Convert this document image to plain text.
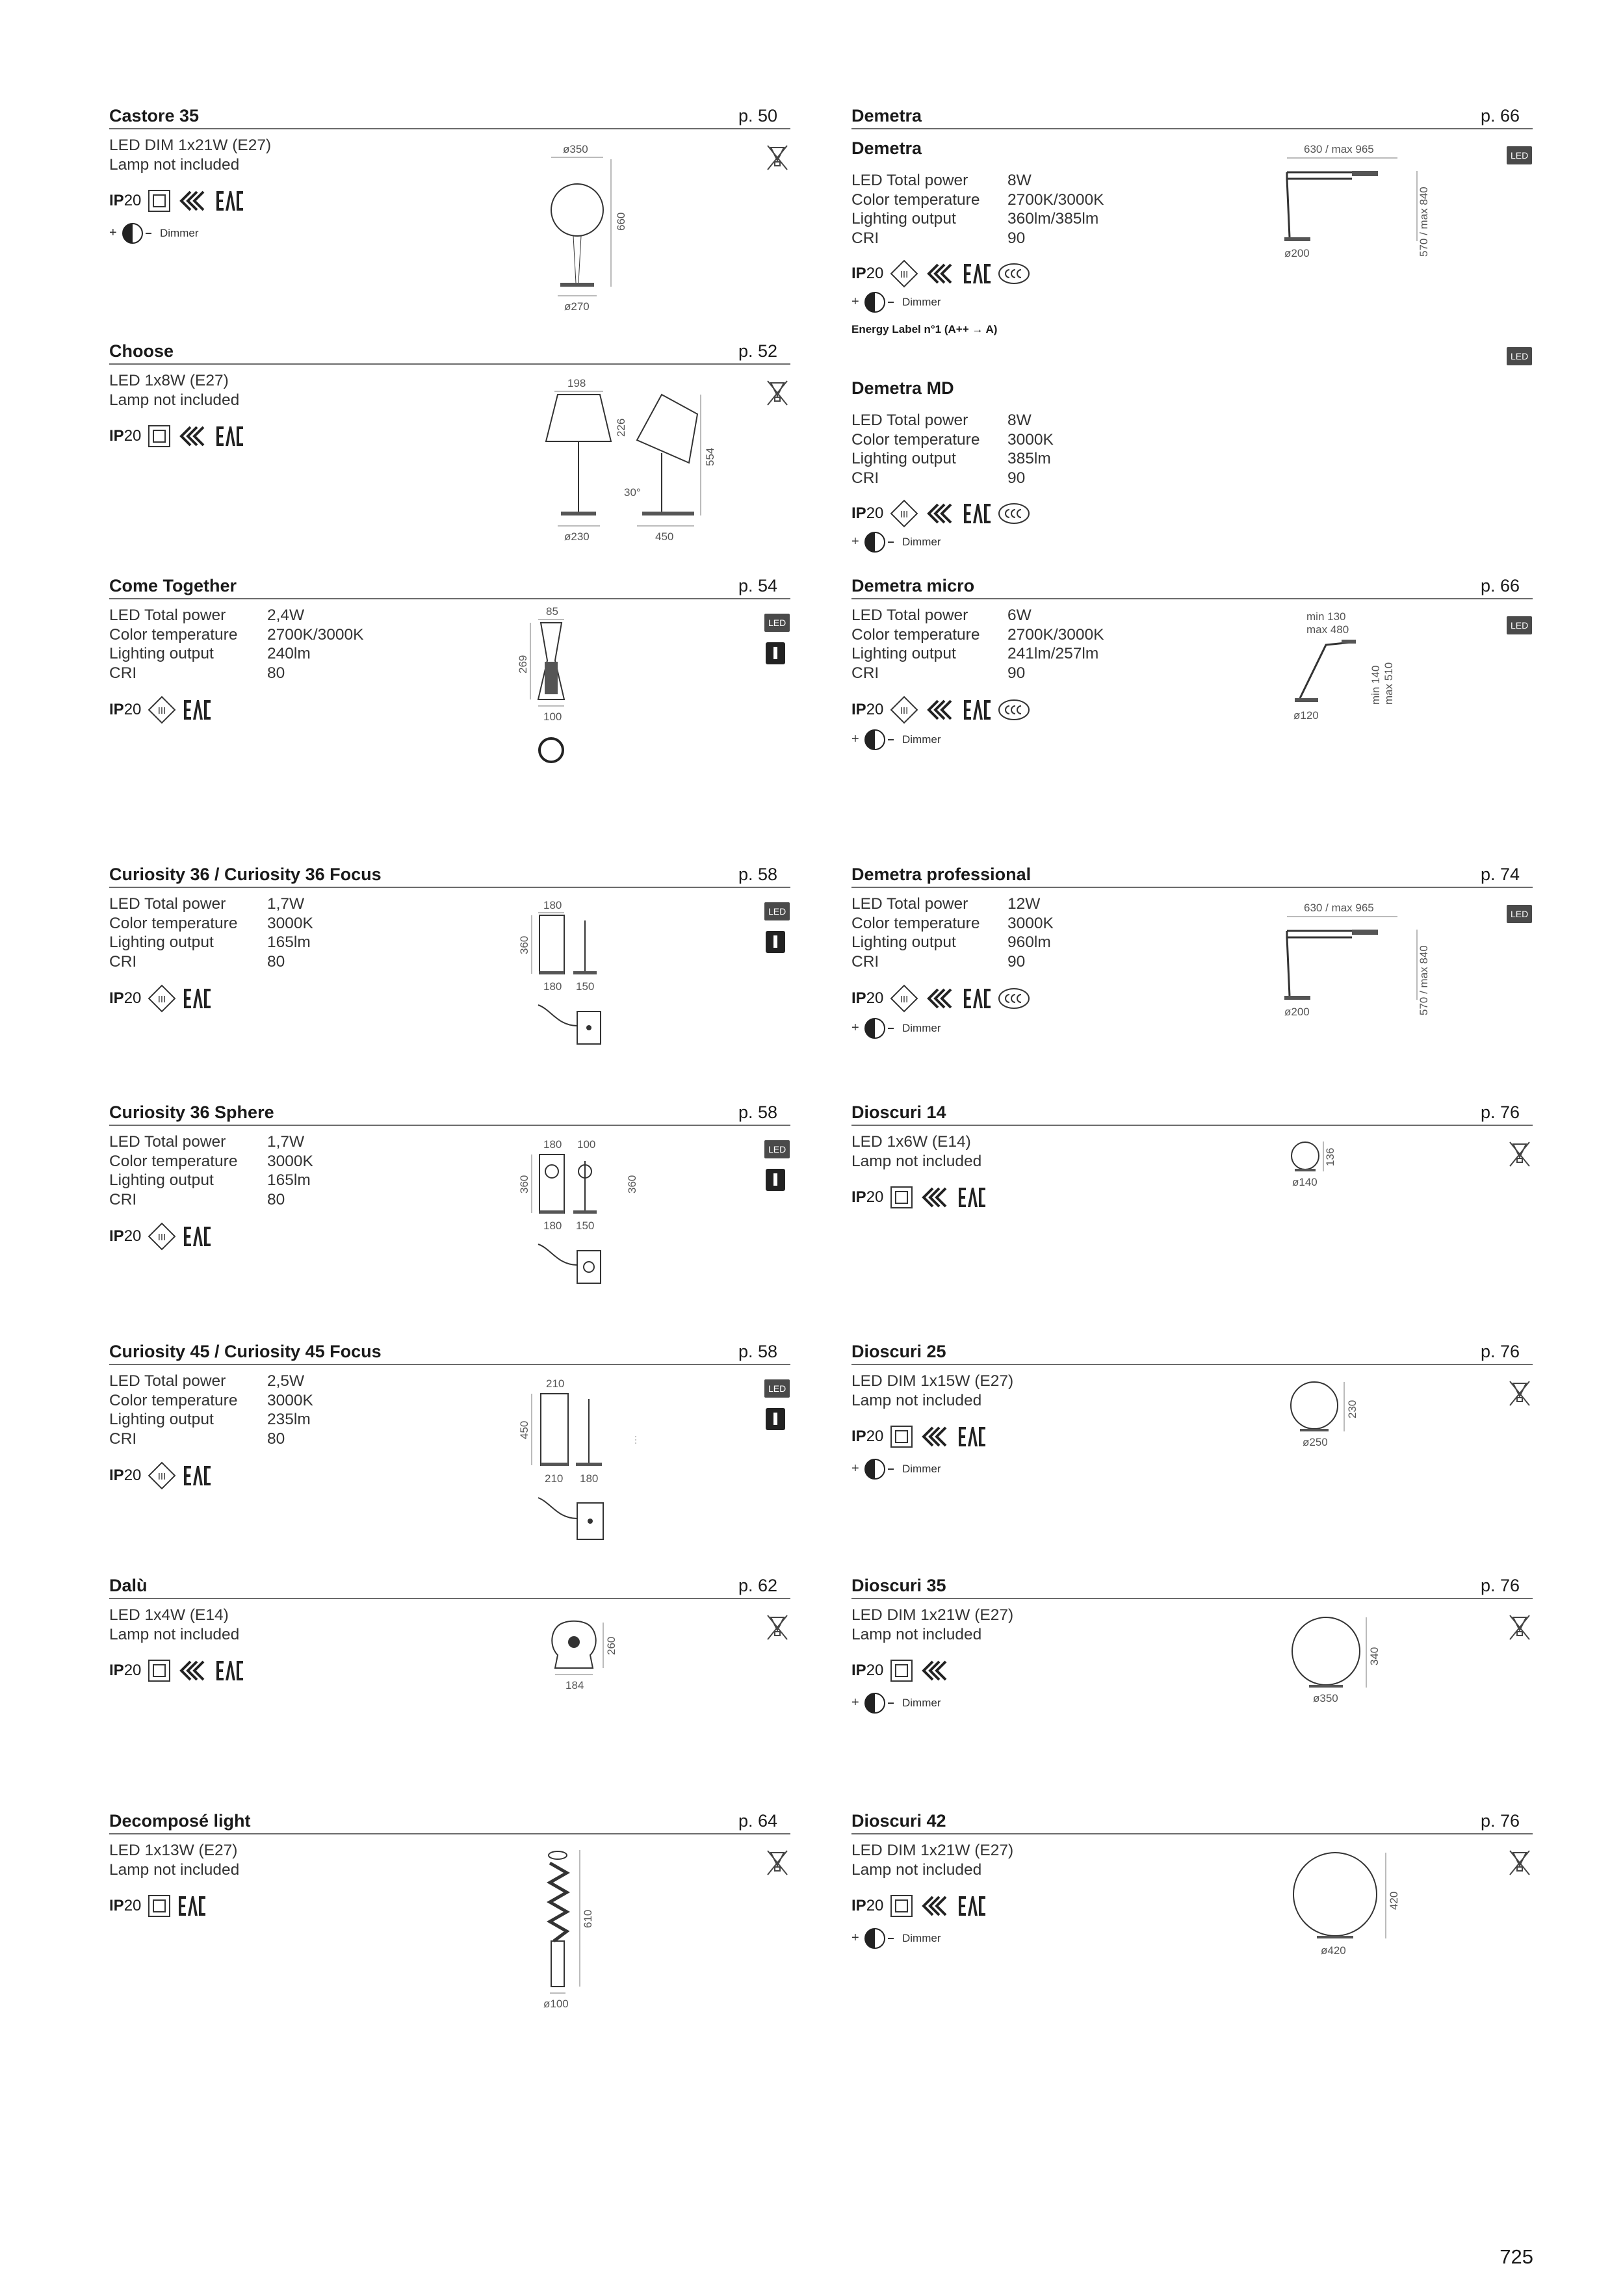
Castore 35	p. 50
LED DIM 1x21W (E27)
Lamp not included
IP 20
Dimmer
ø350
660
ø270
Choose	p. 52
LED 1x8W (E27)
Lamp not included
IP 20
198
ø230
226
30°
554
450
Come Together	p. 54
LED Total power	2,4W
Color temperature 2700K/3000K
Lighting output	240lm
CRI	80
IP 20
LED
85
269
100
Curiosity 36 / Curiosity 36 Focus	p. 58
LED Total power	1,7W
Color temperature 3000K
Lighting output	165lm
CRI	80
IP 20
LED
180
360
180 150
Curiosity 36 Sphere	p. 58
LED Total power	1,7W
Color temperature 3000K
Lighting output	165lm
CRI	80
IP 20
LED
180 100
360	360
180 150
Curiosity 45 / Curiosity 45 Focus	p. 58
LED Total power	2,5W
Color temperature 3000K
Lighting output	235lm
CRI	80
IP 20
LED
210
450
210 180
Dalù	p. 62
LED 1x4W (E14)
Lamp not included
IP 20
260
184
Decomposé light	p. 64
LED 1x13W (E27)
Lamp not included
IP 20
610
ø100
Demetra	p. 66
Demetra
LED Total power 8W
Color temperature 2700K/3000K
Lighting output	360lm/385lm
CRI	90
IP 20
Dimmer
Energy Label n°1 (A++ → A)
LED
630 / max 965
570 / max 840
ø200
Demetra MD
LED Total power 8W
Color temperature 3000K
Lighting output	385lm
CRI	90
IP 20
Dimmer
LED
Demetra micro	p. 66
LED Total power 6W
Color temperature 2700K/3000K
Lighting output	241lm/257lm
CRI	90
IP 20
Dimmer
LED
min 130
max 480
min 140 max 510
ø120
Demetra professional	p. 74
LED Total power 12W
Color temperature 3000K
Lighting output	960lm
CRI	90
IP 20
Dimmer
LED
630 / max 965
570 / max 840
ø200
Dioscuri 14	p. 76
LED 1x6W (E14)
Lamp not included
IP 20
136
ø140
Dioscuri 25	p. 76
LED DIM 1x15W (E27)
Lamp not included
IP 20
Dimmer
230
ø250
Dioscuri 35	p. 76
LED DIM 1x21W (E27)
Lamp not included
IP 20
Dimmer
340
ø350
Dioscuri 42	p. 76
LED DIM 1x21W (E27)
Lamp not included
IP 20
Dimmer
420
ø420
725
